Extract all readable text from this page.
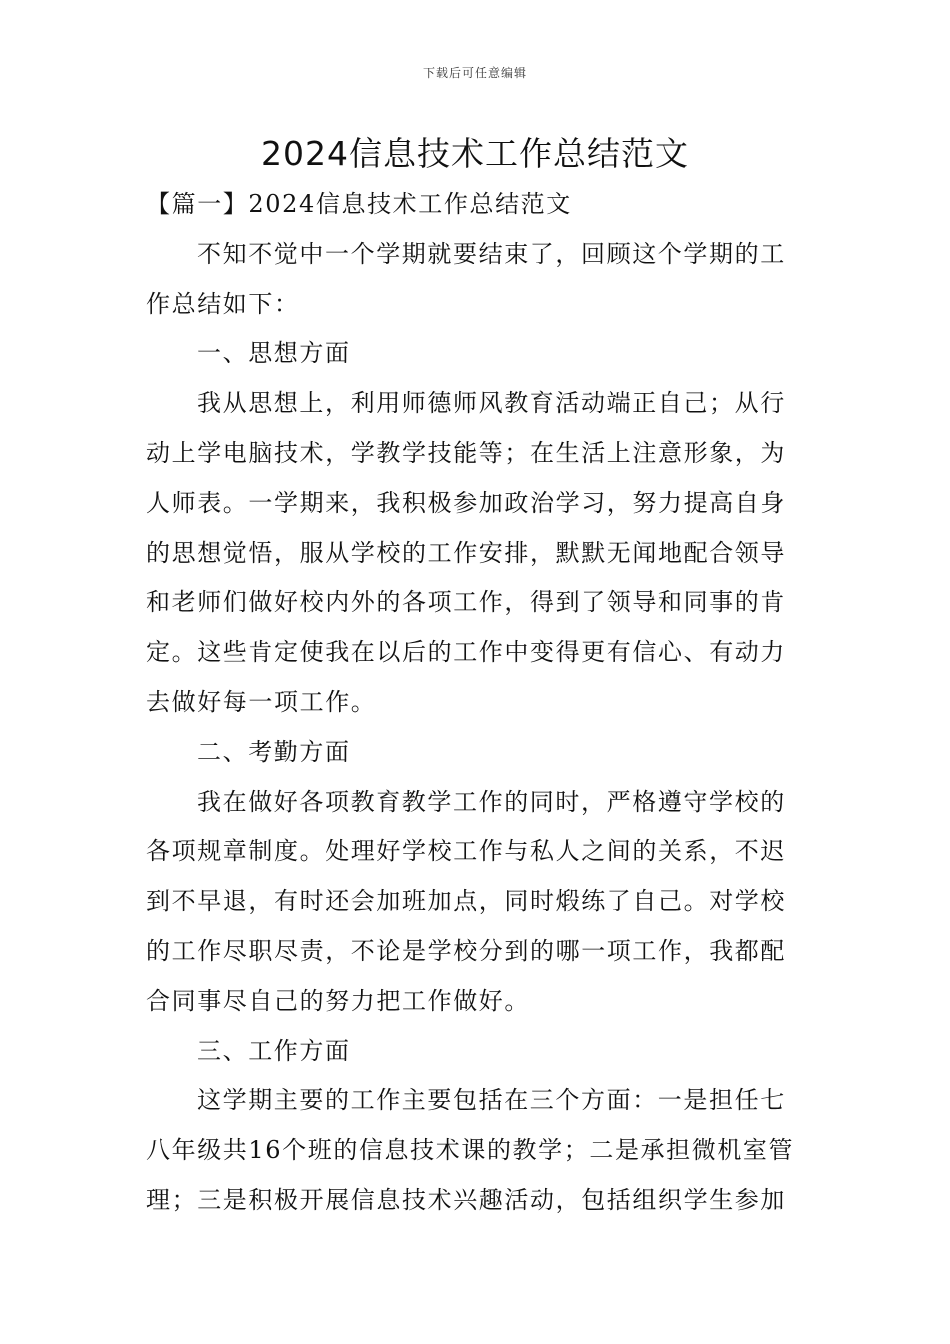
下载后可任意编辑
2024信息技术工作总结范文
【篇一】2024信息技术工作总结范文
不知不觉中一个学期就要结束了，回顾这个学期的工
作总结如下：
一、思想方面
我从思想上，利用师德师风教育活动端正自己；从行
动上学电脑技术，学教学技能等；在生活上注意形象，为
人师表。一学期来，我积极参加政治学习，努力提高自身
的思想觉悟，服从学校的工作安排，默默无闻地配合领导
和老师们做好校内外的各项工作，得到了领导和同事的肯
定。这些肯定使我在以后的工作中变得更有信心、有动力
去做好每一项工作。
二、考勤方面
我在做好各项教育教学工作的同时，严格遵守学校的
各项规章制度。处理好学校工作与私人之间的关系，不迟
到不早退，有时还会加班加点，同时煅练了自己。对学校
的工作尽职尽责，不论是学校分到的哪一项工作，我都配
合同事尽自己的努力把工作做好。
三、工作方面
这学期主要的工作主要包括在三个方面：一是担任七
八年级共16个班的信息技术课的教学；二是承担微机室管
理；三是积极开展信息技术兴趣活动，包括组织学生参加
